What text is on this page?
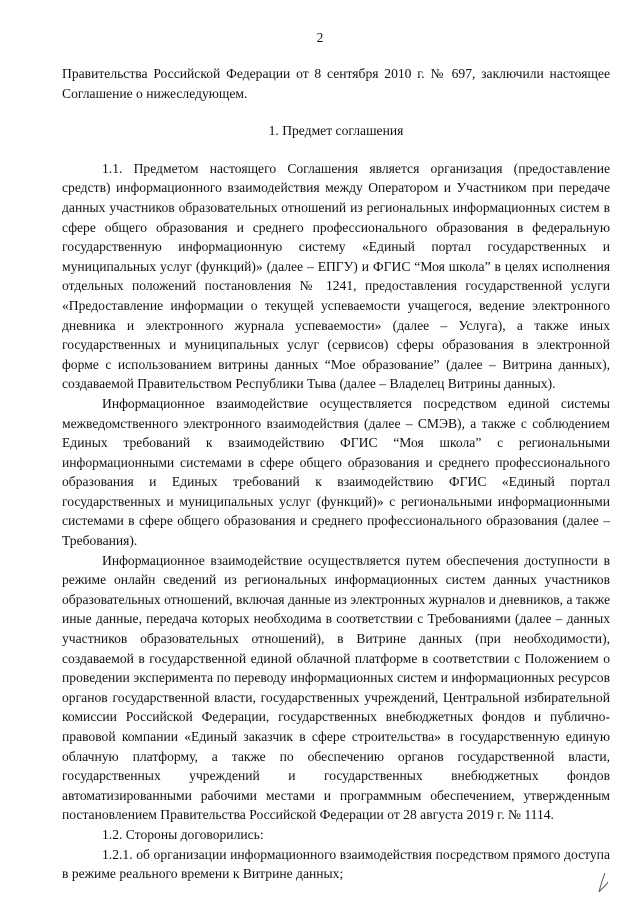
2

Правительства Российской Федерации от 8 сентября 2010 г. № 697, заключили настоящее Соглашение о нижеследующем.

1. Предмет соглашения

1.1. Предметом настоящего Соглашения является организация (предоставление средств) информационного взаимодействия между Оператором и Участником при передаче данных участников образовательных отношений из региональных информационных систем в сфере общего образования и среднего профессионального образования в федеральную государственную информационную систему «Единый портал государственных и муниципальных услуг (функций)» (далее – ЕПГУ) и ФГИС “Моя школа” в целях исполнения отдельных положений постановления № 1241, предоставления государственной услуги «Предоставление информации о текущей успеваемости учащегося, ведение электронного дневника и электронного журнала успеваемости» (далее – Услуга), а также иных государственных и муниципальных услуг (сервисов) сферы образования в электронной форме с использованием витрины данных “Мое образование” (далее – Витрина данных), создаваемой Правительством Республики Тыва (далее – Владелец Витрины данных).

Информационное взаимодействие осуществляется посредством единой системы межведомственного электронного взаимодействия (далее – СМЭВ), а также с соблюдением Единых требований к взаимодействию ФГИС “Моя школа” с региональными информационными системами в сфере общего образования и среднего профессионального образования и Единых требований к взаимодействию ФГИС «Единый портал государственных и муниципальных услуг (функций)» с региональными информационными системами в сфере общего образования и среднего профессионального образования (далее – Требования).

Информационное взаимодействие осуществляется путем обеспечения доступности в режиме онлайн сведений из региональных информационных систем данных участников образовательных отношений, включая данные из электронных журналов и дневников, а также иные данные, передача которых необходима в соответствии с Требованиями (далее – данных участников образовательных отношений), в Витрине данных (при необходимости), создаваемой в государственной единой облачной платформе в соответствии с Положением о проведении эксперимента по переводу информационных систем и информационных ресурсов органов государственной власти, государственных учреждений, Центральной избирательной комиссии Российской Федерации, государственных внебюджетных фондов и публично-правовой компании «Единый заказчик в сфере строительства» в государственную единую облачную платформу, а также по обеспечению органов государственной власти, государственных учреждений и государственных внебюджетных фондов автоматизированными рабочими местами и программным обеспечением, утвержденным постановлением Правительства Российской Федерации от 28 августа 2019 г. № 1114.

1.2. Стороны договорились:

1.2.1. об организации информационного взаимодействия посредством прямого доступа в режиме реального времени к Витрине данных;
